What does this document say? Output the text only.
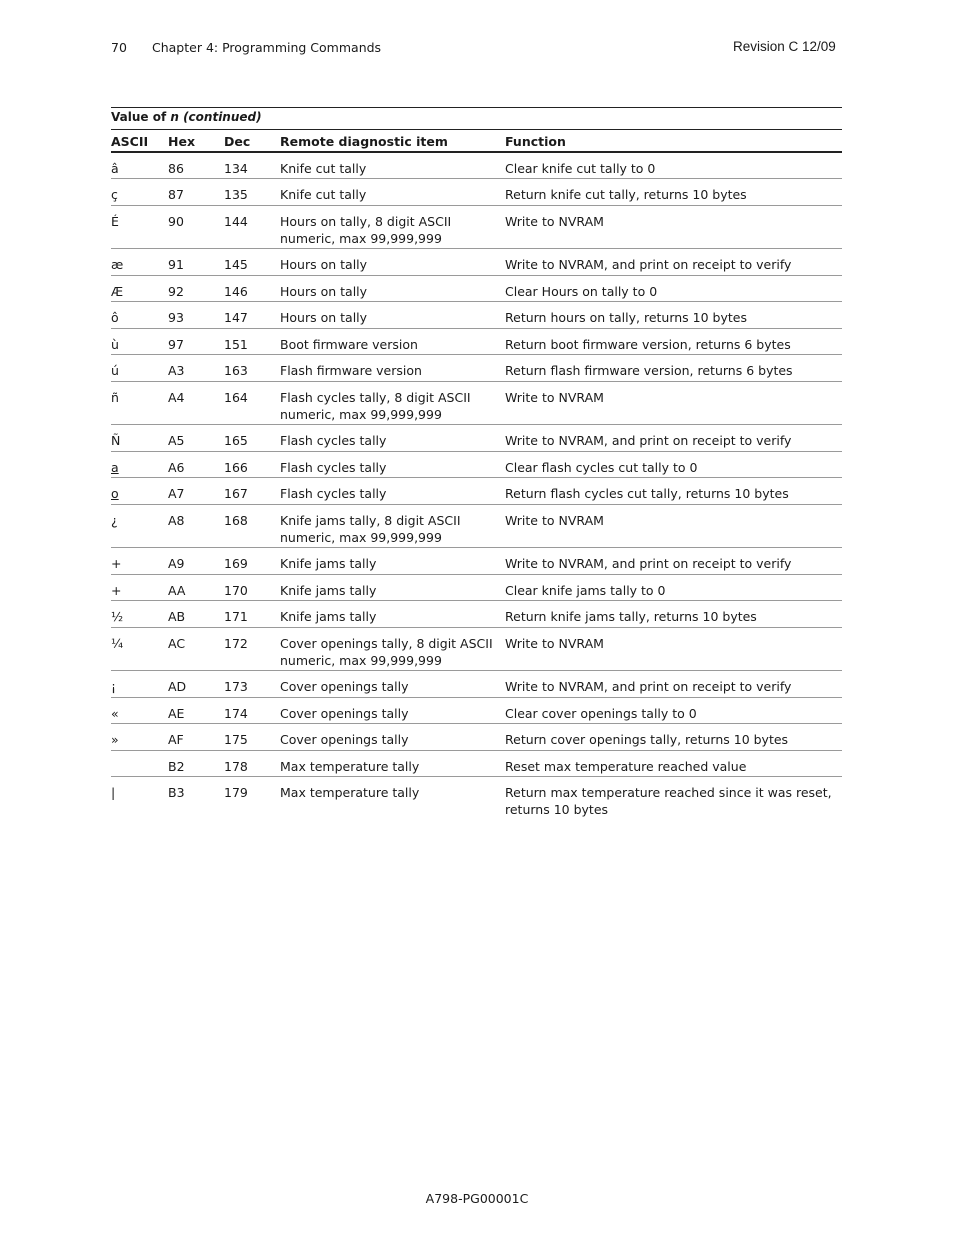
70 Chapter 4: Programming Commands	Revision C 12/09
Value of n (continued)
ASCII	Hex	Dec	Remote diagnostic item	Function
â	86	134	Knife cut tally	Clear knife cut tally to 0
ç	87	135	Knife cut tally	Return knife cut tally, returns 10 bytes
É	90	144	Hours on tally, 8 digit ASCII numeric, max 99,999,999	Write to NVRAM
æ	91	145	Hours on tally	Write to NVRAM, and print on receipt to verify
Æ	92	146	Hours on tally	Clear Hours on tally to 0
ô	93	147	Hours on tally	Return hours on tally, returns 10 bytes
ù	97	151	Boot firmware version	Return boot firmware version, returns 6 bytes
ú	A3	163	Flash firmware version	Return flash firmware version, returns 6 bytes
ñ	A4	164	Flash cycles tally, 8 digit ASCII numeric, max 99,999,999	Write to NVRAM
Ñ	A5	165	Flash cycles tally	Write to NVRAM, and print on receipt to verify
a	A6	166	Flash cycles tally	Clear flash cycles cut tally to 0
o	A7	167	Flash cycles tally	Return flash cycles cut tally, returns 10 bytes
¿	A8	168	Knife jams tally, 8 digit ASCII numeric, max 99,999,999	Write to NVRAM
+	A9	169	Knife jams tally	Write to NVRAM, and print on receipt to verify
+	AA	170	Knife jams tally	Clear knife jams tally to 0
½	AB	171	Knife jams tally	Return knife jams tally, returns 10 bytes
¼	AC	172	Cover openings tally, 8 digit ASCII numeric, max 99,999,999	Write to NVRAM
¡	AD	173	Cover openings tally	Write to NVRAM, and print on receipt to verify
«	AE	174	Cover openings tally	Clear cover openings tally to 0
»	AF	175	Cover openings tally	Return cover openings tally, returns 10 bytes
	B2	178	Max temperature tally	Reset max temperature reached value
|	B3	179	Max temperature tally	Return max temperature reached since it was reset, returns 10 bytes
A798-PG00001C
